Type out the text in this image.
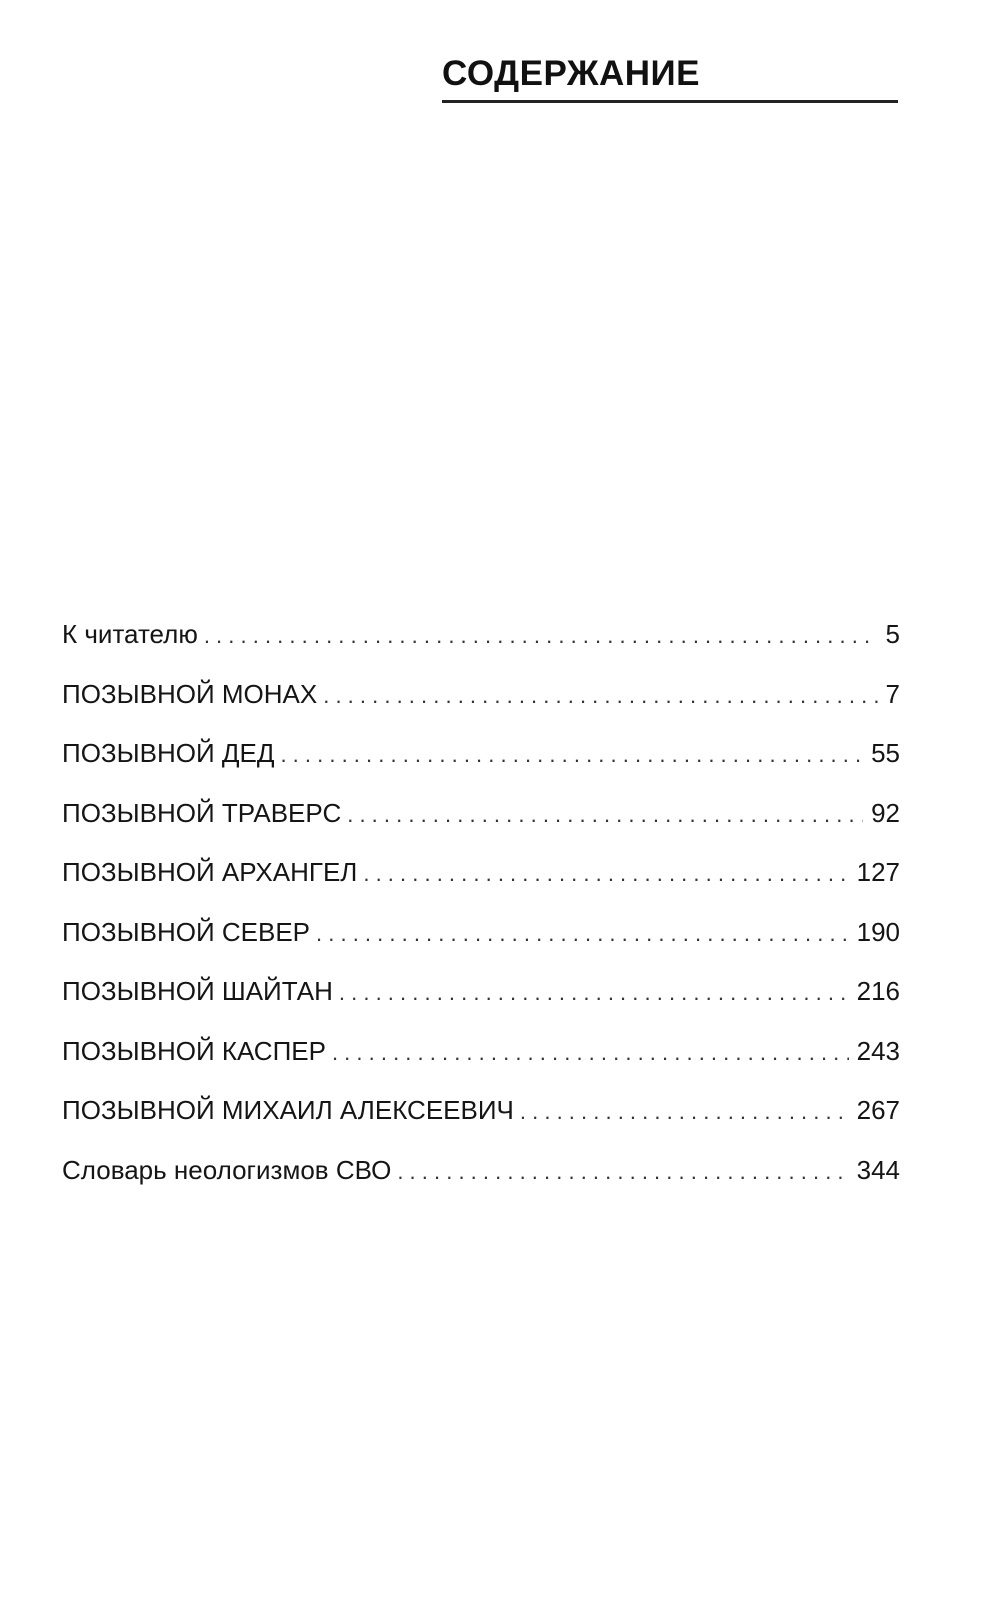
СОДЕРЖАНИЕ
К читателю . . .	5
ПОЗЫВНОЙ МОНАХ . . .	7
ПОЗЫВНОЙ ДЕД . . .	55
ПОЗЫВНОЙ ТРАВЕРС . . .	92
ПОЗЫВНОЙ АРХАНГЕЛ . . .	127
ПОЗЫВНОЙ СЕВЕР . . .	190
ПОЗЫВНОЙ ШАЙТАН . . .	216
ПОЗЫВНОЙ КАСПЕР . . .	243
ПОЗЫВНОЙ МИХАИЛ АЛЕКСЕЕВИЧ . . .	267
Словарь неологизмов СВО . . .	344
